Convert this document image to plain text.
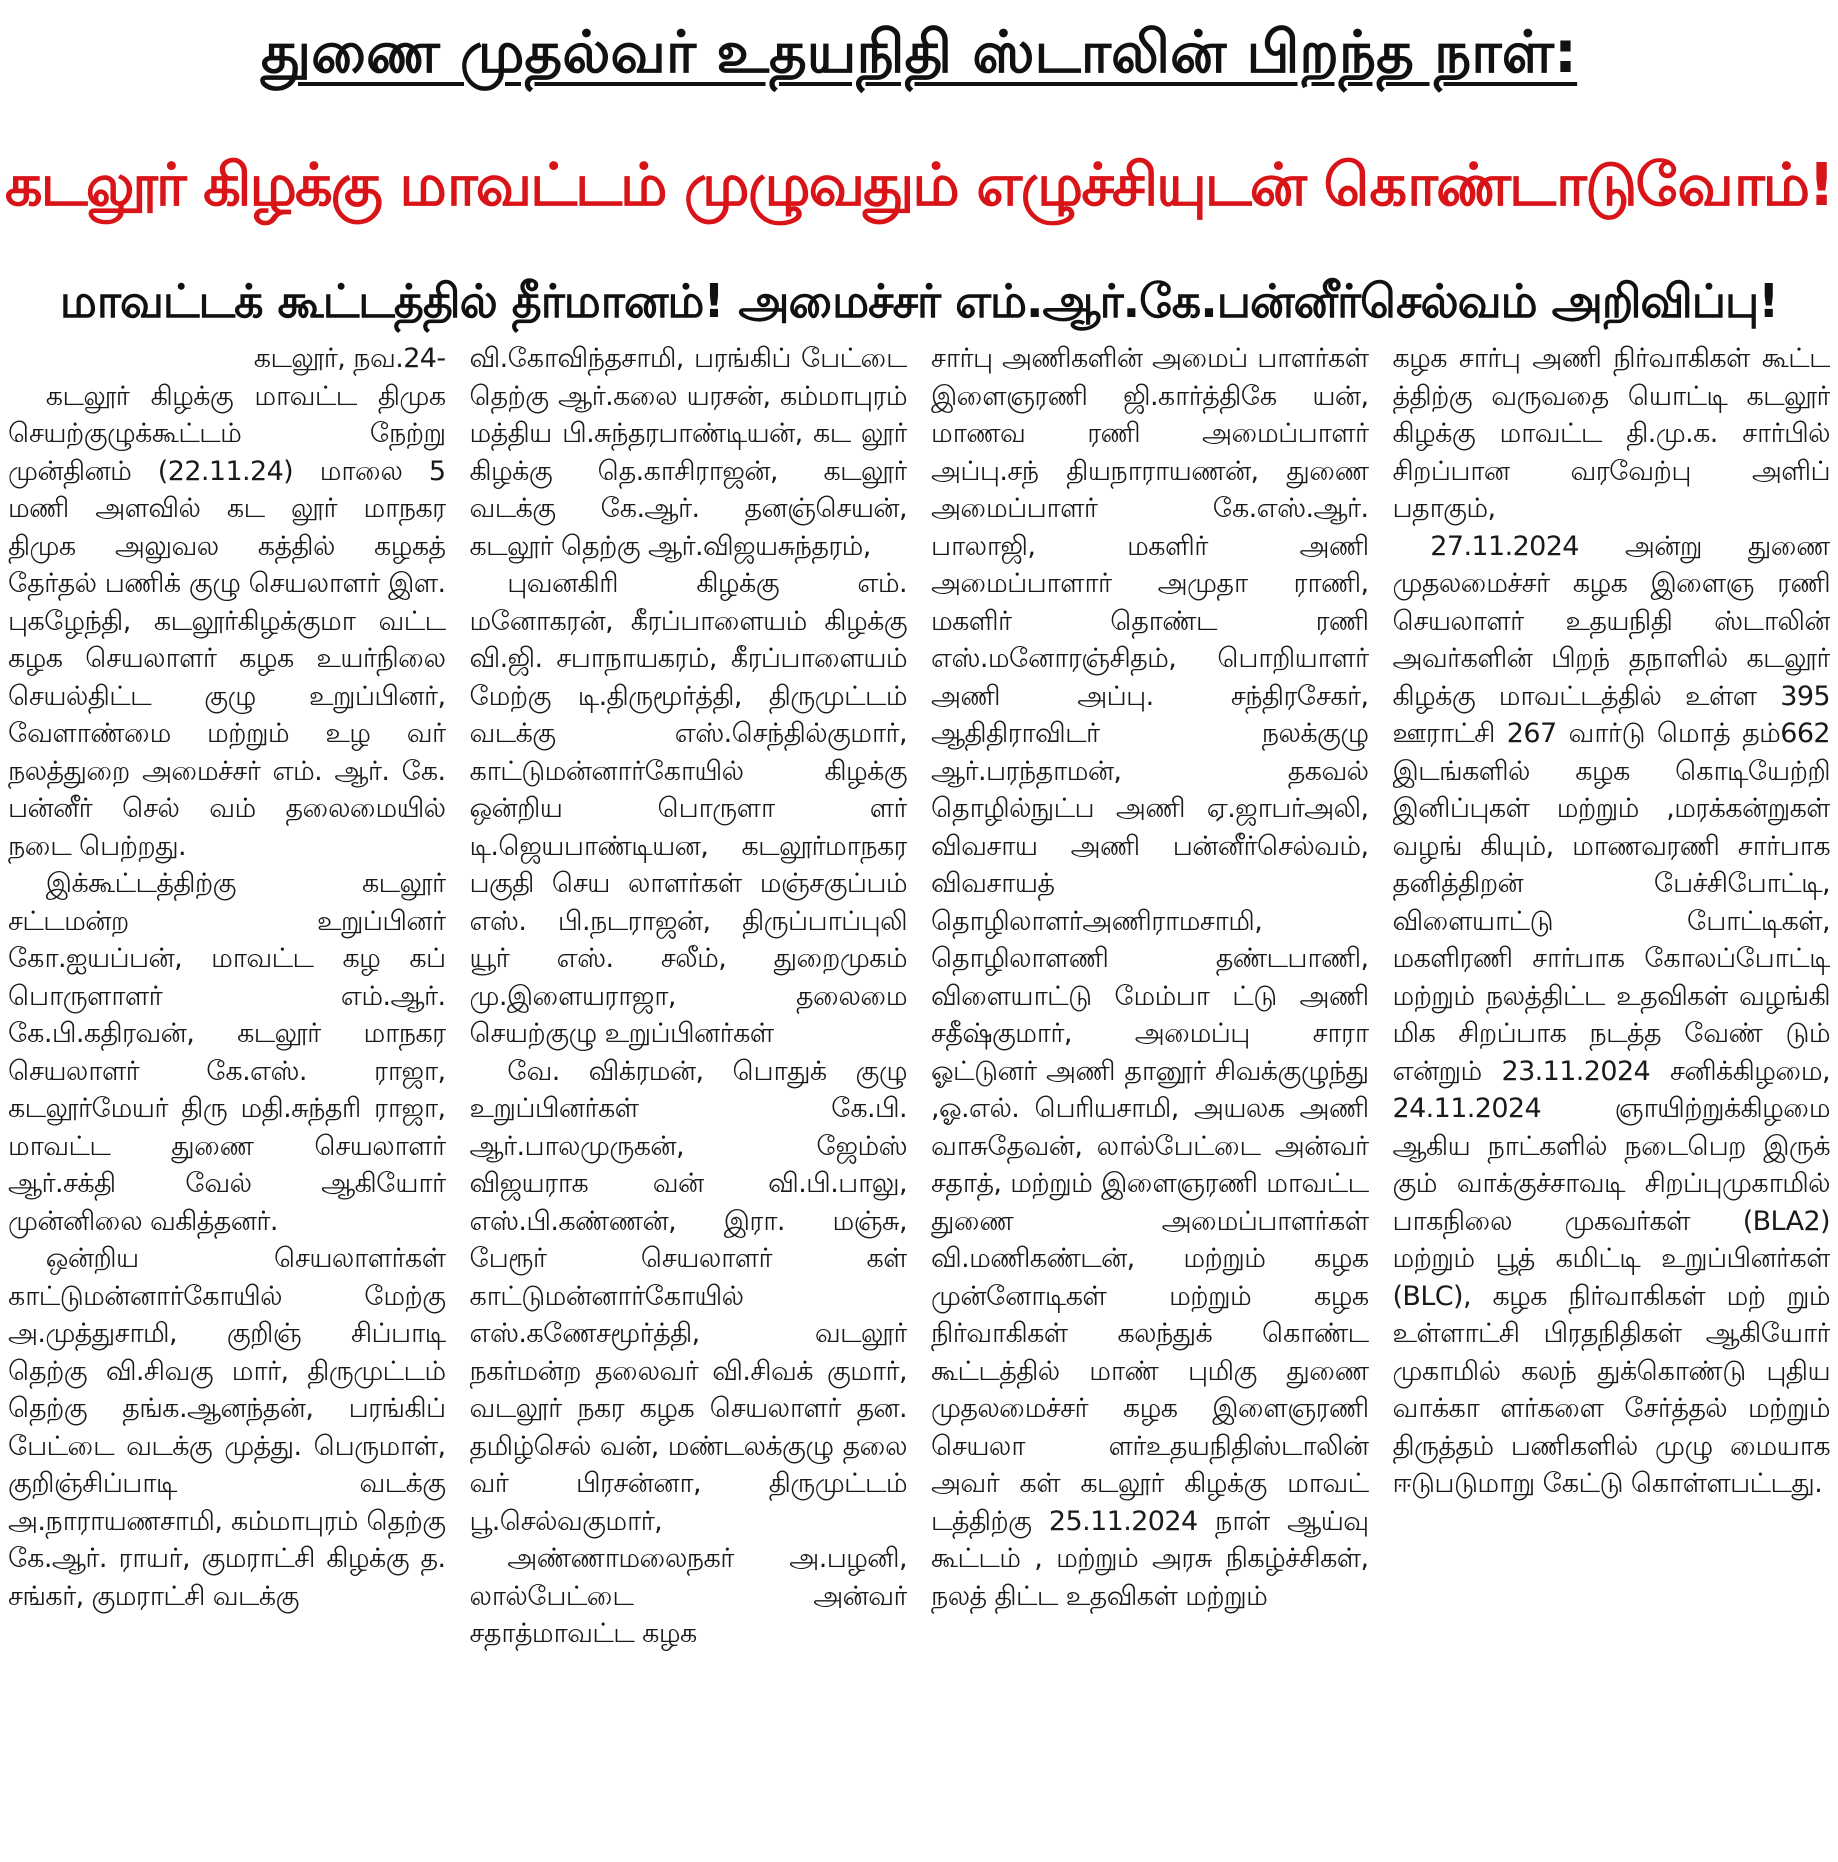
துணை முதல்வர் உதயநிதி ஸ்டாலின் பிறந்த நாள்:
கடலூர் கிழக்கு மாவட்டம் முழுவதும் எழுச்சியுடன் கொண்டாடுவோம்!
மாவட்டக் கூட்டத்தில் தீர்மானம்! அமைச்சர் எம்.ஆர்.கே.பன்னீர்செல்வம் அறிவிப்பு!

கடலூர், நவ.24-

கடலூர் கிழக்கு மாவட்ட திமுக செயற்குழுக்கூட்டம் நேற்று முன்தினம் (22.11.24) மாலை 5 மணி அளவில் கட லூர் மாநகர திமுக அலுவல கத்தில் கழகத் தேர்தல் பணிக் குழு செயலாளர் இள. புகழேந்தி, கடலூர்கிழக்குமா வட்ட கழக செயலாளர் கழக உயர்நிலை செயல்திட்ட குழு உறுப்பினர், வேளாண்மை மற்றும் உழ வர் நலத்துறை அமைச்சர் எம். ஆர். கே. பன்னீர் செல் வம் தலைமையில் நடை பெற்றது.

இக்கூட்டத்திற்கு கடலூர் சட்டமன்ற உறுப்பினர் கோ.ஐயப்பன், மாவட்ட கழ கப் பொருளாளர் எம்.ஆர். கே.பி.கதிரவன், கடலூர் மாநகர செயலாளர் கே.எஸ். ராஜா, கடலூர்மேயர் திரு மதி.சுந்தரி ராஜா, மாவட்ட துணை செயலாளர் ஆர்.சக்தி வேல் ஆகியோர் முன்னிலை வகித்தனர்.

ஒன்றிய செயலாளர்கள் காட்டுமன்னார்கோயில் மேற்கு அ.முத்துசாமி, குறிஞ் சிப்பாடி தெற்கு வி.சிவகு மார், திருமுட்டம் தெற்கு தங்க.ஆனந்தன், பரங்கிப் பேட்டை வடக்கு முத்து. பெருமாள், குறிஞ்சிப்பாடி வடக்கு அ.நாராயணசாமி, கம்மாபுரம் தெற்கு கே.ஆர். ராயர், குமராட்சி கிழக்கு த. சங்கர், குமராட்சி வடக்கு

வி.கோவிந்தசாமி, பரங்கிப் பேட்டை தெற்கு ஆர்.கலை யரசன், கம்மாபுரம் மத்திய பி.சுந்தரபாண்டியன், கட லூர் கிழக்கு தெ.காசிராஜன், கடலூர் வடக்கு கே.ஆர். தனஞ்செயன், கடலூர் தெற்கு ஆர்.விஜயசுந்தரம்,

புவனகிரி கிழக்கு எம். மனோகரன், கீரப்பாளையம் கிழக்கு வி.ஜி. சபாநாயகரம், கீரப்பாளையம் மேற்கு டி.திருமூர்த்தி, திருமுட்டம் வடக்கு எஸ்.செந்தில்குமார், காட்டுமன்னார்கோயில் கிழக்கு ஒன்றிய பொருளா ளர் டி.ஜெயபாண்டியன, கடலூர்மாநகர பகுதி செய லாளர்கள் மஞ்சகுப்பம் எஸ். பி.நடராஜன், திருப்பாப்புலி யூர் எஸ். சலீம், துறைமுகம் மு.இளையராஜா, தலைமை செயற்குழு உறுப்பினர்கள்

வே. விக்ரமன், பொதுக் குழு உறுப்பினர்கள் கே.பி. ஆர்.பாலமுருகன், ஜேம்ஸ் விஜயராக வன் வி.பி.பாலு, எஸ்.பி.கண்ணன், இரா. மஞ்சு, பேரூர் செயலாளர் கள் காட்டுமன்னார்கோயில் எஸ்.கணேசமூர்த்தி, வடலூர் நகர்மன்ற தலைவர் வி.சிவக் குமார், வடலூர் நகர கழக செயலாளர் தன. தமிழ்செல் வன், மண்டலக்குழு தலை வர் பிரசன்னா, திருமுட்டம் பூ.செல்வகுமார்,

அண்ணாமலைநகர் அ.பழனி, லால்பேட்டை அன்வர் சதாத்மாவட்ட கழக

சார்பு அணிகளின் அமைப் பாளர்கள் இளைஞரணி ஜி.கார்த்திகே யன், மாணவ ரணி அமைப்பாளர் அப்பு.சந் தியநாராயணன், துணை அமைப்பாளர் கே.எஸ்.ஆர். பாலாஜி, மகளிர் அணி அமைப்பாளார் அமுதா ராணி, மகளிர் தொண்ட ரணி எஸ்.மனோரஞ்சிதம், பொறியாளர் அணி அப்பு. சந்திரசேகர், ஆதிதிராவிடர் நலக்குழு ஆர்.பரந்தாமன், தகவல் தொழில்நுட்ப அணி ஏ.ஜாபர்அலி, விவசாய அணி பன்னீர்செல்வம், விவசாயத் தொழிலாளர்அணிராமசாமி, தொழிலாளணி தண்டபாணி, விளையாட்டு மேம்பா ட்டு அணி சதீஷ்குமார், அமைப்பு சாரா ஓட்டுனர் அணி தானூர் சிவக்குழுந்து ,ஓ.எல். பெரியசாமி, அயலக அணி வாசுதேவன், லால்பேட்டை அன்வர் சதாத், மற்றும் இளைஞரணி மாவட்ட துணை அமைப்பாளர்கள் வி.மணிகண்டன், மற்றும் கழக முன்னோடிகள் மற்றும் கழக நிர்வாகிகள் கலந்துக் கொண்ட கூட்டத்தில் மாண் புமிகு துணை முதலமைச்சர் கழக இளைஞரணி செயலா ளர்உதயநிதிஸ்டாலின் அவர் கள் கடலூர் கிழக்கு மாவட் டத்திற்கு 25.11.2024 நாள் ஆய்வு கூட்டம் , மற்றும் அரசு நிகழ்ச்சிகள், நலத் திட்ட உதவிகள் மற்றும்

கழக சார்பு அணி நிர்வாகிகள் கூட்ட த்திற்கு வருவதை யொட்டி கடலூர் கிழக்கு மாவட்ட தி.மு.க. சார்பில் சிறப்பான வரவேற்பு அளிப் பதாகும்,

27.11.2024 அன்று துணை முதலமைச்சர் கழக இளைஞ ரணி செயலாளர் உதயநிதி ஸ்டாலின் அவர்களின் பிறந் தநாளில் கடலூர் கிழக்கு மாவட்டத்தில் உள்ள 395 ஊராட்சி 267 வார்டு மொத் தம்662 இடங்களில் கழக கொடியேற்றி இனிப்புகள் மற்றும் ,மரக்கன்றுகள் வழங் கியும், மாணவரணி சார்பாக தனித்திறன் பேச்சிபோட்டி, விளையாட்டு போட்டிகள், மகளிரணி சார்பாக கோலப்போட்டி மற்றும் நலத்திட்ட உதவிகள் வழங்கி மிக சிறப்பாக நடத்த வேண் டும் என்றும் 23.11.2024 சனிக்கிழமை, 24.11.2024 ஞாயிற்றுக்கிழமை ஆகிய நாட்களில் நடைபெற இருக் கும் வாக்குச்சாவடி சிறப்புமுகாமில் பாகநிலை முகவர்கள் (BLA2) மற்றும் பூத் கமிட்டி உறுப்பினர்கள் (BLC), கழக நிர்வாகிகள் மற் றும் உள்ளாட்சி பிரதநிதிகள் ஆகியோர் முகாமில் கலந் துக்கொண்டு புதிய வாக்கா ளர்களை சேர்த்தல் மற்றும் திருத்தம் பணிகளில் முழு மையாக ஈடுபடுமாறு கேட்டு கொள்ளபட்டது.
